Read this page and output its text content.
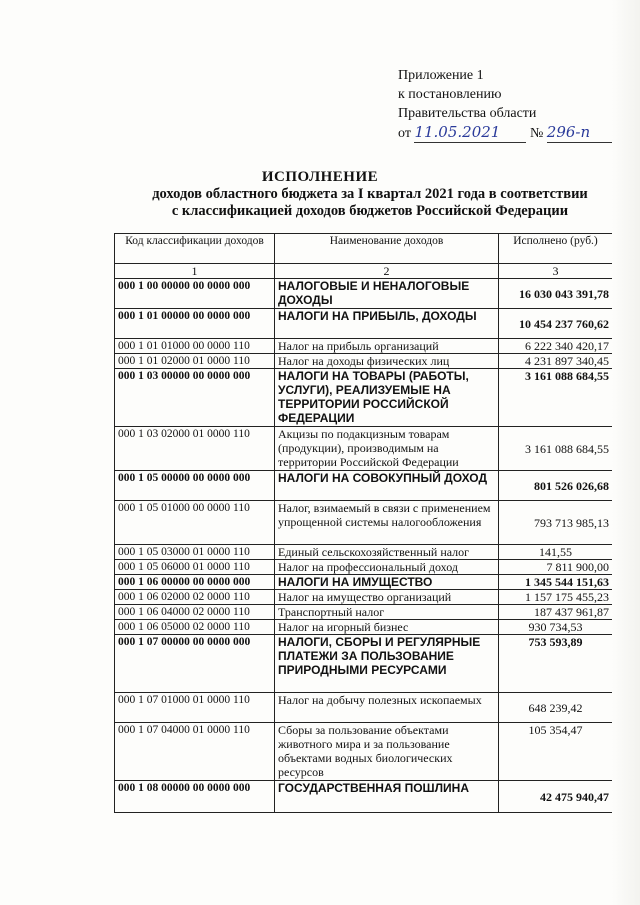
Приложение 1
к постановлению
Правительства области
от 11.05.2021 № 296-п
ИСПОЛНЕНИЕ
доходов областного бюджета за I квартал 2021 года в соответствии
с классификацией доходов бюджетов Российской Федерации
Код классификации доходов	Наименование доходов	Исполнено (руб.)
1	2	3
000 1 00 00000 00 0000 000	НАЛОГОВЫЕ И НЕНАЛОГОВЫЕ ДОХОДЫ	16 030 043 391,78
000 1 01 00000 00 0000 000	НАЛОГИ НА ПРИБЫЛЬ, ДОХОДЫ	10 454 237 760,62
000 1 01 01000 00 0000 110	Налог на прибыль организаций	6 222 340 420,17
000 1 01 02000 01 0000 110	Налог на доходы физических лиц	4 231 897 340,45
000 1 03 00000 00 0000 000	НАЛОГИ НА ТОВАРЫ (РАБОТЫ, УСЛУГИ), РЕАЛИЗУЕМЫЕ НА ТЕРРИТОРИИ РОССИЙСКОЙ ФЕДЕРАЦИИ	3 161 088 684,55
000 1 03 02000 01 0000 110	Акцизы по подакцизным товарам (продукции), производимым на территории Российской Федерации	3 161 088 684,55
000 1 05 00000 00 0000 000	НАЛОГИ НА СОВОКУПНЫЙ ДОХОД	801 526 026,68
000 1 05 01000 00 0000 110	Налог, взимаемый в связи с применением упрощенной системы налогообложения	793 713 985,13
000 1 05 03000 01 0000 110	Единый сельскохозяйственный налог	141,55
000 1 05 06000 01 0000 110	Налог на профессиональный доход	7 811 900,00
000 1 06 00000 00 0000 000	НАЛОГИ НА ИМУЩЕСТВО	1 345 544 151,63
000 1 06 02000 02 0000 110	Налог на имущество организаций	1 157 175 455,23
000 1 06 04000 02 0000 110	Транспортный налог	187 437 961,87
000 1 06 05000 02 0000 110	Налог на игорный бизнес	930 734,53
000 1 07 00000 00 0000 000	НАЛОГИ, СБОРЫ И РЕГУЛЯРНЫЕ ПЛАТЕЖИ ЗА ПОЛЬЗОВАНИЕ ПРИРОДНЫМИ РЕСУРСАМИ	753 593,89
000 1 07 01000 01 0000 110	Налог на добычу полезных ископаемых	648 239,42
000 1 07 04000 01 0000 110	Сборы за пользование объектами животного мира и за пользование объектами водных биологических ресурсов	105 354,47
000 1 08 00000 00 0000 000	ГОСУДАРСТВЕННАЯ ПОШЛИНА	42 475 940,47
